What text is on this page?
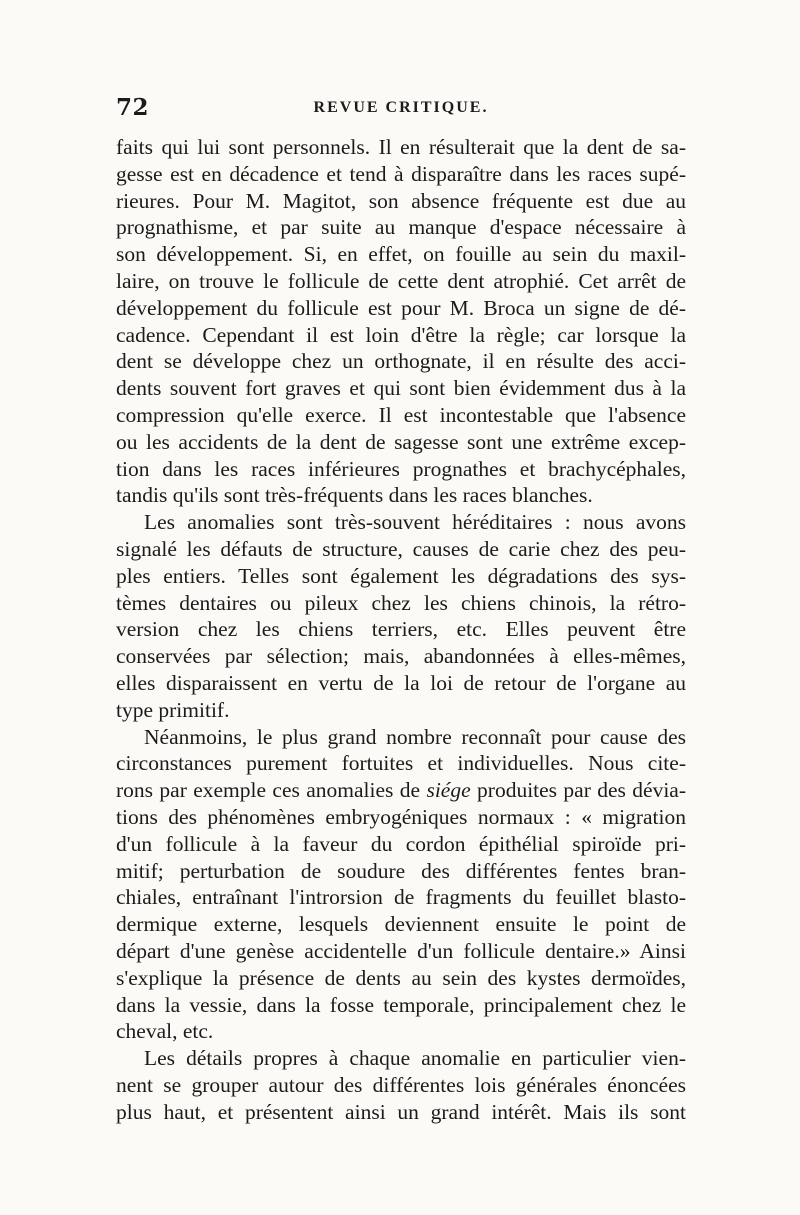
72	REVUE CRITIQUE.
faits qui lui sont personnels. Il en résulterait que la dent de sa-
gesse est en décadence et tend à disparaître dans les races supé-
rieures. Pour M. Magitot, son absence fréquente est due au
prognathisme, et par suite au manque d'espace nécessaire à
son développement. Si, en effet, on fouille au sein du maxil-
laire, on trouve le follicule de cette dent atrophié. Cet arrêt de
développement du follicule est pour M. Broca un signe de dé-
cadence. Cependant il est loin d'être la règle; car lorsque la
dent se développe chez un orthognate, il en résulte des acci-
dents souvent fort graves et qui sont bien évidemment dus à la
compression qu'elle exerce. Il est incontestable que l'absence
ou les accidents de la dent de sagesse sont une extrême excep-
tion dans les races inférieures prognathes et brachycéphales,
tandis qu'ils sont très-fréquents dans les races blanches.
Les anomalies sont très-souvent héréditaires : nous avons
signalé les défauts de structure, causes de carie chez des peu-
ples entiers. Telles sont également les dégradations des sys-
tèmes dentaires ou pileux chez les chiens chinois, la rétro-
version chez les chiens terriers, etc. Elles peuvent être
conservées par sélection; mais, abandonnées à elles-mêmes,
elles disparaissent en vertu de la loi de retour de l'organe au
type primitif.
Néanmoins, le plus grand nombre reconnaît pour cause des
circonstances purement fortuites et individuelles. Nous cite-
rons par exemple ces anomalies de siége produites par des dévia-
tions des phénomènes embryogéniques normaux : « migration
d'un follicule à la faveur du cordon épithélial spiroïde pri-
mitif; perturbation de soudure des différentes fentes bran-
chiales, entraînant l'introrsion de fragments du feuillet blasto-
dermique externe, lesquels deviennent ensuite le point de
départ d'une genèse accidentelle d'un follicule dentaire.» Ainsi
s'explique la présence de dents au sein des kystes dermoïdes,
dans la vessie, dans la fosse temporale, principalement chez le
cheval, etc.
Les détails propres à chaque anomalie en particulier vien-
nent se grouper autour des différentes lois générales énoncées
plus haut, et présentent ainsi un grand intérêt. Mais ils sont
